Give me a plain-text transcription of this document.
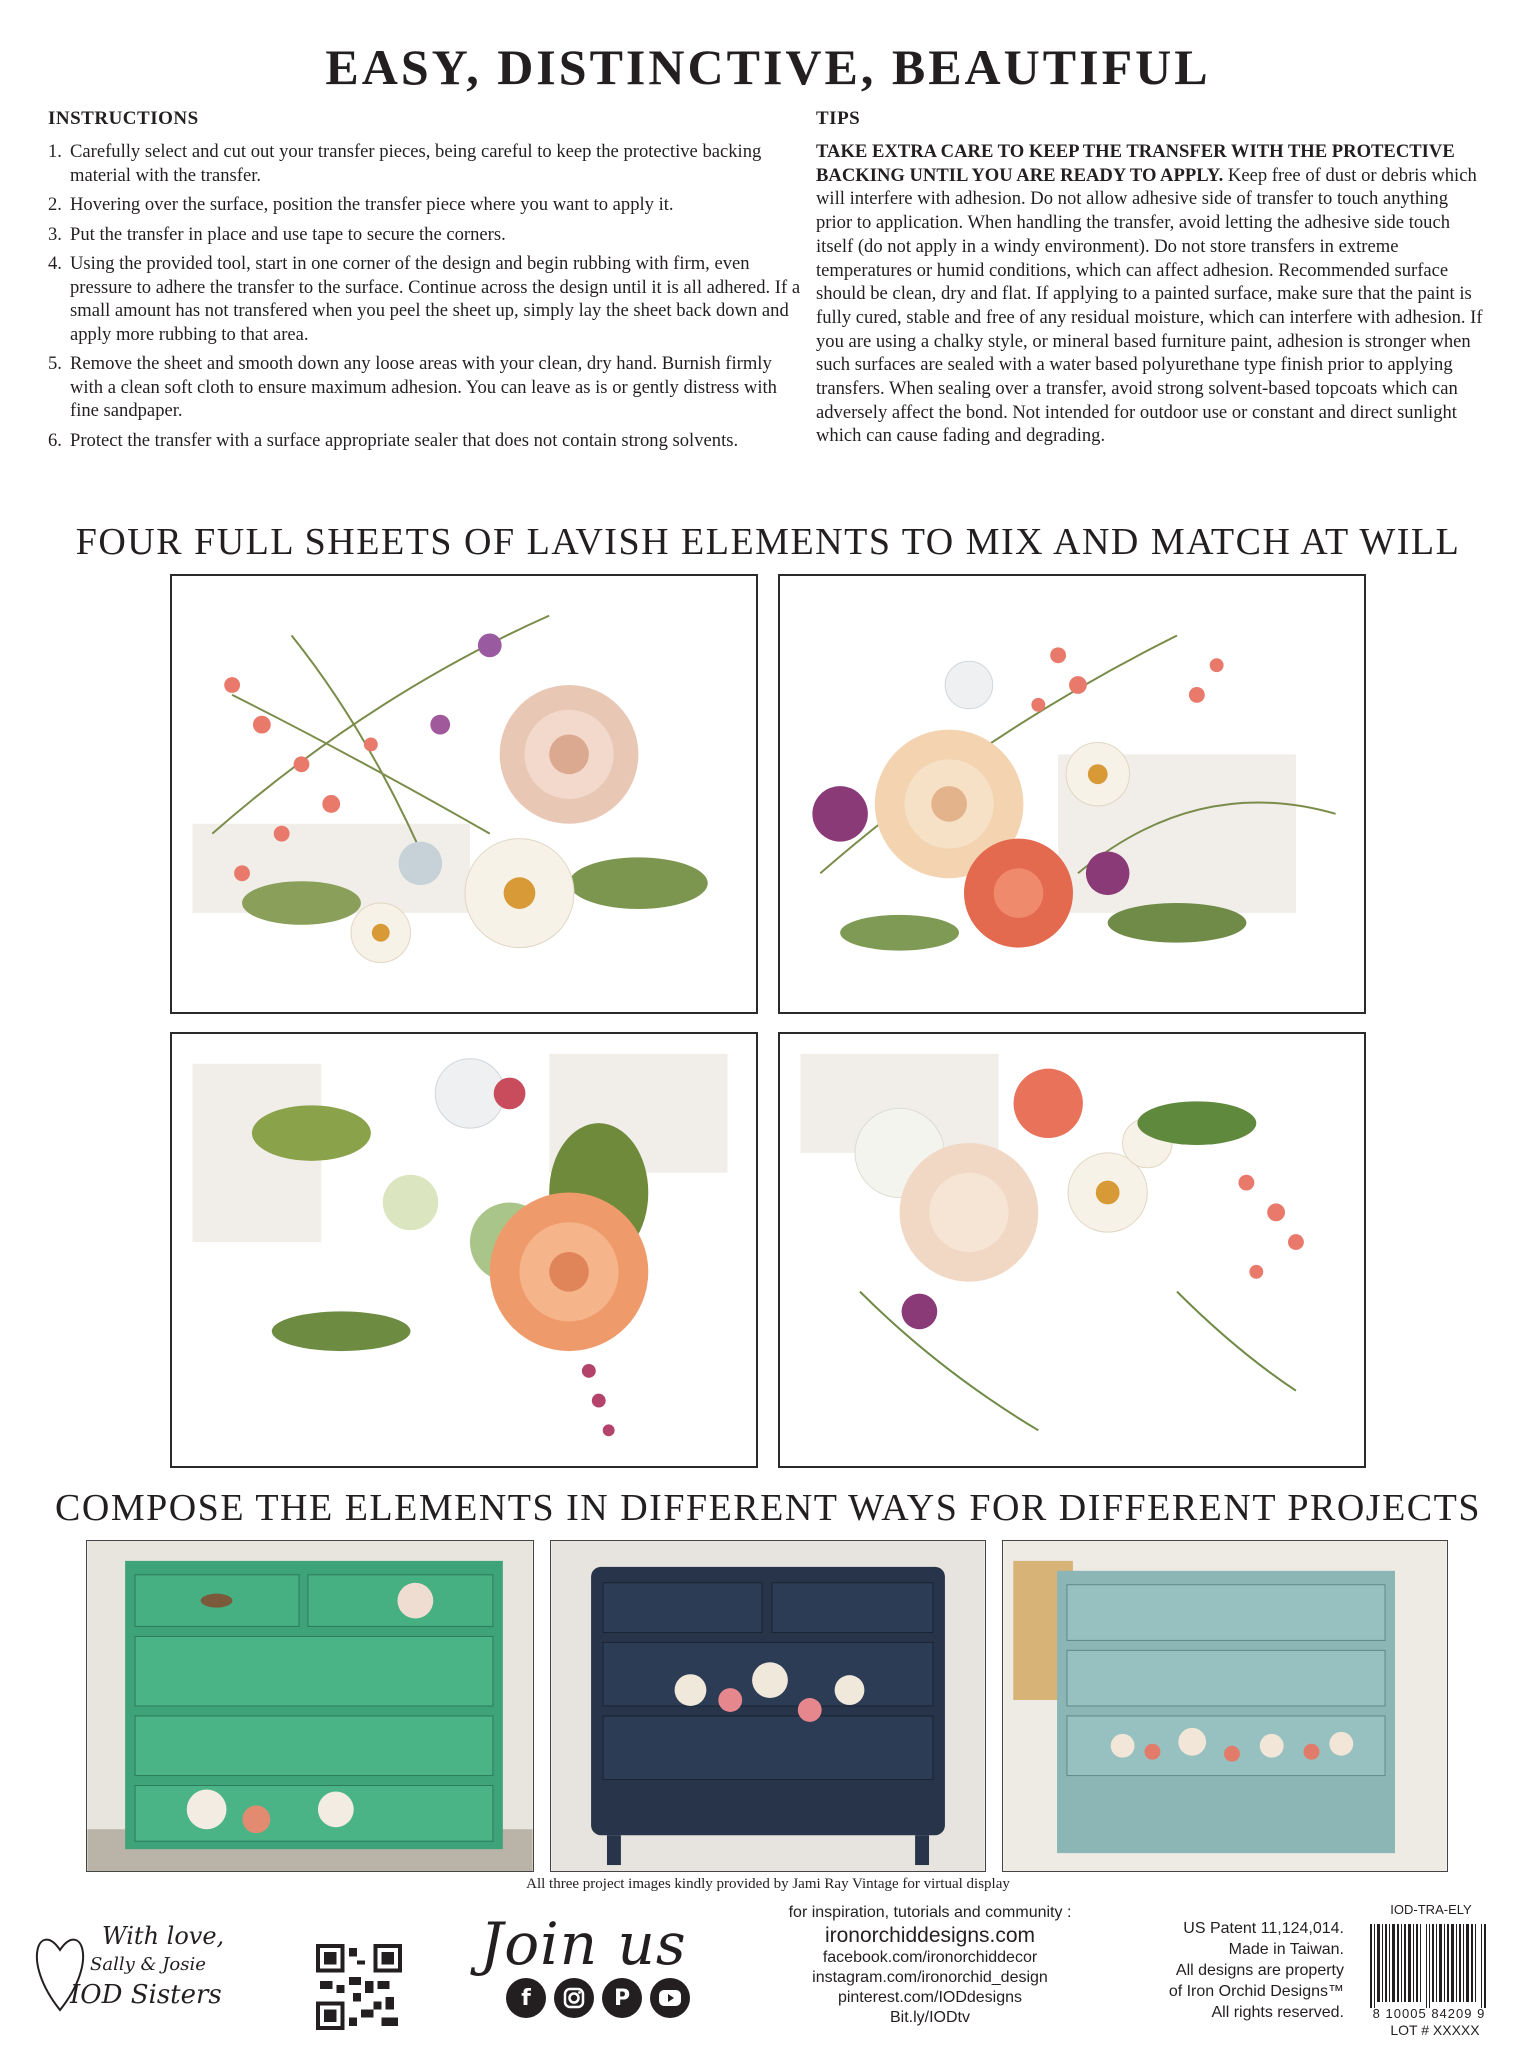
EASY, DISTINCTIVE, BEAUTIFUL
INSTRUCTIONS
1. Carefully select and cut out your transfer pieces, being careful to keep the protective backing material with the transfer.
2. Hovering over the surface, position the transfer piece where you want to apply it.
3. Put the transfer in place and use tape to secure the corners.
4. Using the provided tool, start in one corner of the design and begin rubbing with firm, even pressure to adhere the transfer to the surface. Continue across the design until it is all adhered. If a small amount has not transfered when you peel the sheet up, simply lay the sheet back down and apply more rubbing to that area.
5. Remove the sheet and smooth down any loose areas with your clean, dry hand. Burnish firmly with a clean soft cloth to ensure maximum adhesion. You can leave as is or gently distress with fine sandpaper.
6. Protect the transfer with a surface appropriate sealer that does not contain strong solvents.
TIPS

TAKE EXTRA CARE TO KEEP THE TRANSFER WITH THE PROTECTIVE BACKING UNTIL YOU ARE READY TO APPLY. Keep free of dust or debris which will interfere with adhesion. Do not allow adhesive side of transfer to touch anything prior to application. When handling the transfer, avoid letting the adhesive side touch itself (do not apply in a windy environment). Do not store transfers in extreme temperatures or humid conditions, which can affect adhesion. Recommended surface should be clean, dry and flat. If applying to a painted surface, make sure that the paint is fully cured, stable and free of any residual moisture, which can interfere with adhesion. If you are using a chalky style, or mineral based furniture paint, adhesion is stronger when such surfaces are sealed with a water based polyurethane type finish prior to applying transfers. When sealing over a transfer, avoid strong solvent-based topcoats which can adversely affect the bond. Not intended for outdoor use or constant and direct sunlight which can cause fading and degrading.

FOUR FULL SHEETS OF LAVISH ELEMENTS TO MIX AND MATCH AT WILL
COMPOSE THE ELEMENTS IN DIFFERENT WAYS FOR DIFFERENT PROJECTS
All three project images kindly provided by Jami Ray Vintage for virtual display
With love,
Sally & Josie
IOD Sisters
Join us
f	P
for inspiration, tutorials and community :
ironorchiddesigns.com
facebook.com/ironorchiddecor
instagram.com/ironorchid_design
pinterest.com/IODdesigns
Bit.ly/IODtv
US Patent 11,124,014.
Made in Taiwan.
All designs are property
of Iron Orchid Designs™
All rights reserved.
IOD-TRA-ELY
8 10005 84209 9
LOT # XXXXX
